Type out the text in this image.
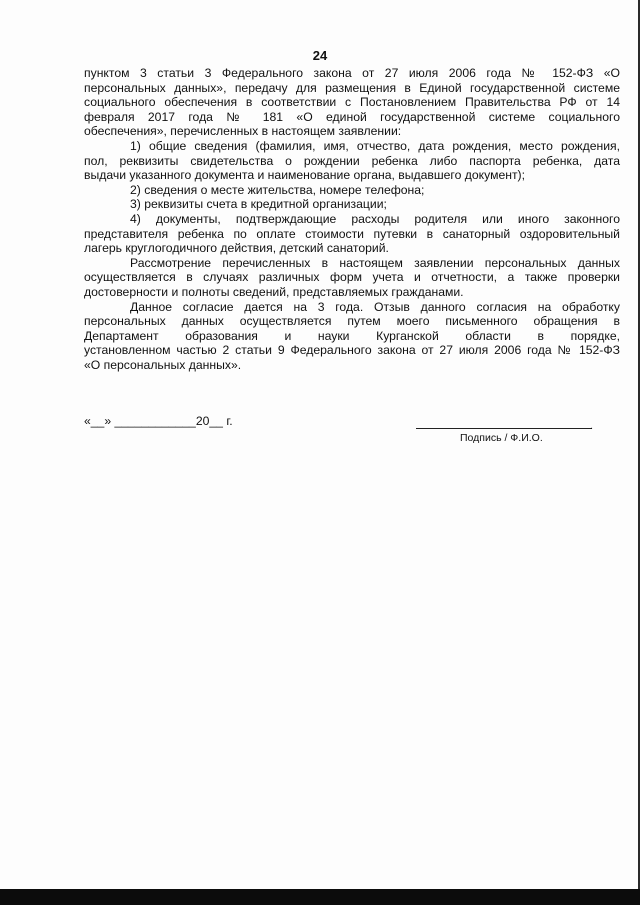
24
пунктом 3 статьи 3 Федерального закона от 27 июля 2006 года № 152-ФЗ «О
персональных данных», передачу для размещения в Единой государственной системе
социального обеспечения в соответствии с Постановлением Правительства РФ от 14
февраля 2017 года № 181 «О единой государственной системе социального
обеспечения», перечисленных в настоящем заявлении:
1) общие сведения (фамилия, имя, отчество, дата рождения, место рождения,
пол, реквизиты свидетельства о рождении ребенка либо паспорта ребенка, дата
выдачи указанного документа и наименование органа, выдавшего документ);
2) сведения о месте жительства, номере телефона;
3) реквизиты счета в кредитной организации;
4) документы, подтверждающие расходы родителя или иного законного
представителя ребенка по оплате стоимости путевки в санаторный оздоровительный
лагерь круглогодичного действия, детский санаторий.
Рассмотрение перечисленных в настоящем заявлении персональных данных
осуществляется в случаях различных форм учета и отчетности, а также проверки
достоверности и полноты сведений, представляемых гражданами.
Данное согласие дается на 3 года. Отзыв данного согласия на обработку
персональных данных осуществляется путем моего письменного обращения в
Департамент образования и науки Курганской области в порядке,
установленном частью 2 статьи 9 Федерального закона от 27 июля 2006 года № 152-ФЗ
«О персональных данных».
«__» ____________20__ г.	.
Подпись / Ф.И.О.
